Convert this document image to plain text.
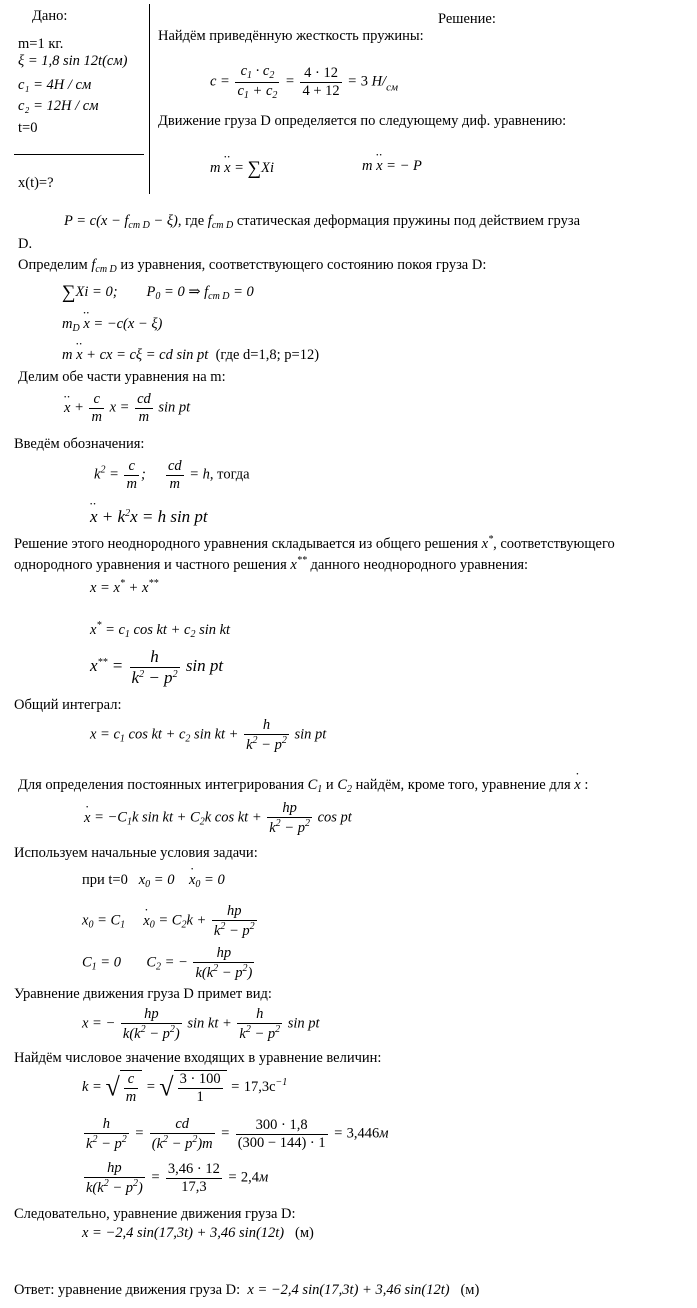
Дано:
m=1 кг.
ξ = 1,8 sin 12t(см)
c₁ = 4H / см
c₂ = 12H / см
t=0
x(t)=?
Решение:
Найдём приведённую жесткость пружины:
$c = \frac{c_1 \cdot c_2}{c_1 + c_2} = \frac{4 \cdot 12}{4 + 12} = 3$ $H/_{см}$
Движение груза D определяется по следующему диф. уравнению:
m ·· x = ∑Xi	m ·· x = − P
$P = c(x - f_{cт D} - \xi)$, где $f_{cт D}$ статическая деформация пружины под действием груза
D.
Определим $f_{cт D}$ из уравнения, соответствующего состоянию покоя груза D:
∑Xi = 0;        $P_0 = 0$ ⇒ $f_{cт D} = 0$
$m_D \cdot\cdot x = -c(x - \xi)$
m ·· x + cx = cξ = cd sin pt (где d=1,8; p=12)
Делим обе части уравнения на m:
·· $x + \frac{c}{m}$ $x = \frac{cd}{m}$ sin pt
Введём обозначения:
$k^2 = \frac{c}{m}$ ; $\frac{cd}{m} = h$, тогда
·· $x + k^2x = h$ sin pt
Решение этого неоднородного уравнения складывается из общего решения x*, соответствующего
однородного уравнения и частного решения x** данного неоднородного уравнения:
x = x* + x**
$x^* = c_1$ cos kt + $c_2$ sin kt
$x^{**} = \frac{h}{k^2 - p^2}$ sin pt
Общий интеграл:
$x = c_1$ cos kt + $c_2$ sin kt + $\frac{h}{k^2 - p^2}$ sin pt
Для определения постоянных интегрирования $C_1$ и $C_2$ найдём, кроме того, уравнение для · x :
· $x = -C_1k$ sin kt + $C_2k$ cos kt + $\frac{hp}{k^2 - p^2}$ cos pt
Используем начальные условия задачи:
при t=0 $x_0 = 0$    · $x_0 = 0$
$x_0 = C_1$     · $x_0 = C_2k + \frac{hp}{k^2 - p^2}$
$C_1 = 0$       $C_2$ = − $\frac{hp}{k(k^2 - p^2)}$
Уравнение движения груза D примет вид:
x = − $\frac{hp}{k(k^2 - p^2)}$ sin kt + $\frac{h}{k^2 - p^2}$ sin pt
Найдём числовое значение входящих в уравнение величин:
k = √ $\frac{c}{m}$ = √ $\frac{3 \cdot 100}{1} = 17,3c^{-1}$
$\frac{h}{k^2 - p^2} = \frac{cd}{(k^2 - p^2)m} = \frac{300 \cdot 1,8}{(300 - 144) \cdot 1} = 3,446м$
$\frac{hp}{k(k^2 - p^2)} = \frac{3,46 \cdot 12}{17,3} = 2,4м$
Следовательно, уравнение движения груза D:
x = −2,4 sin(17,3t) + 3,46 sin(12t) (м)
Ответ: уравнение движения груза D: x = −2,4 sin(17,3t) + 3,46 sin(12t) (м)
